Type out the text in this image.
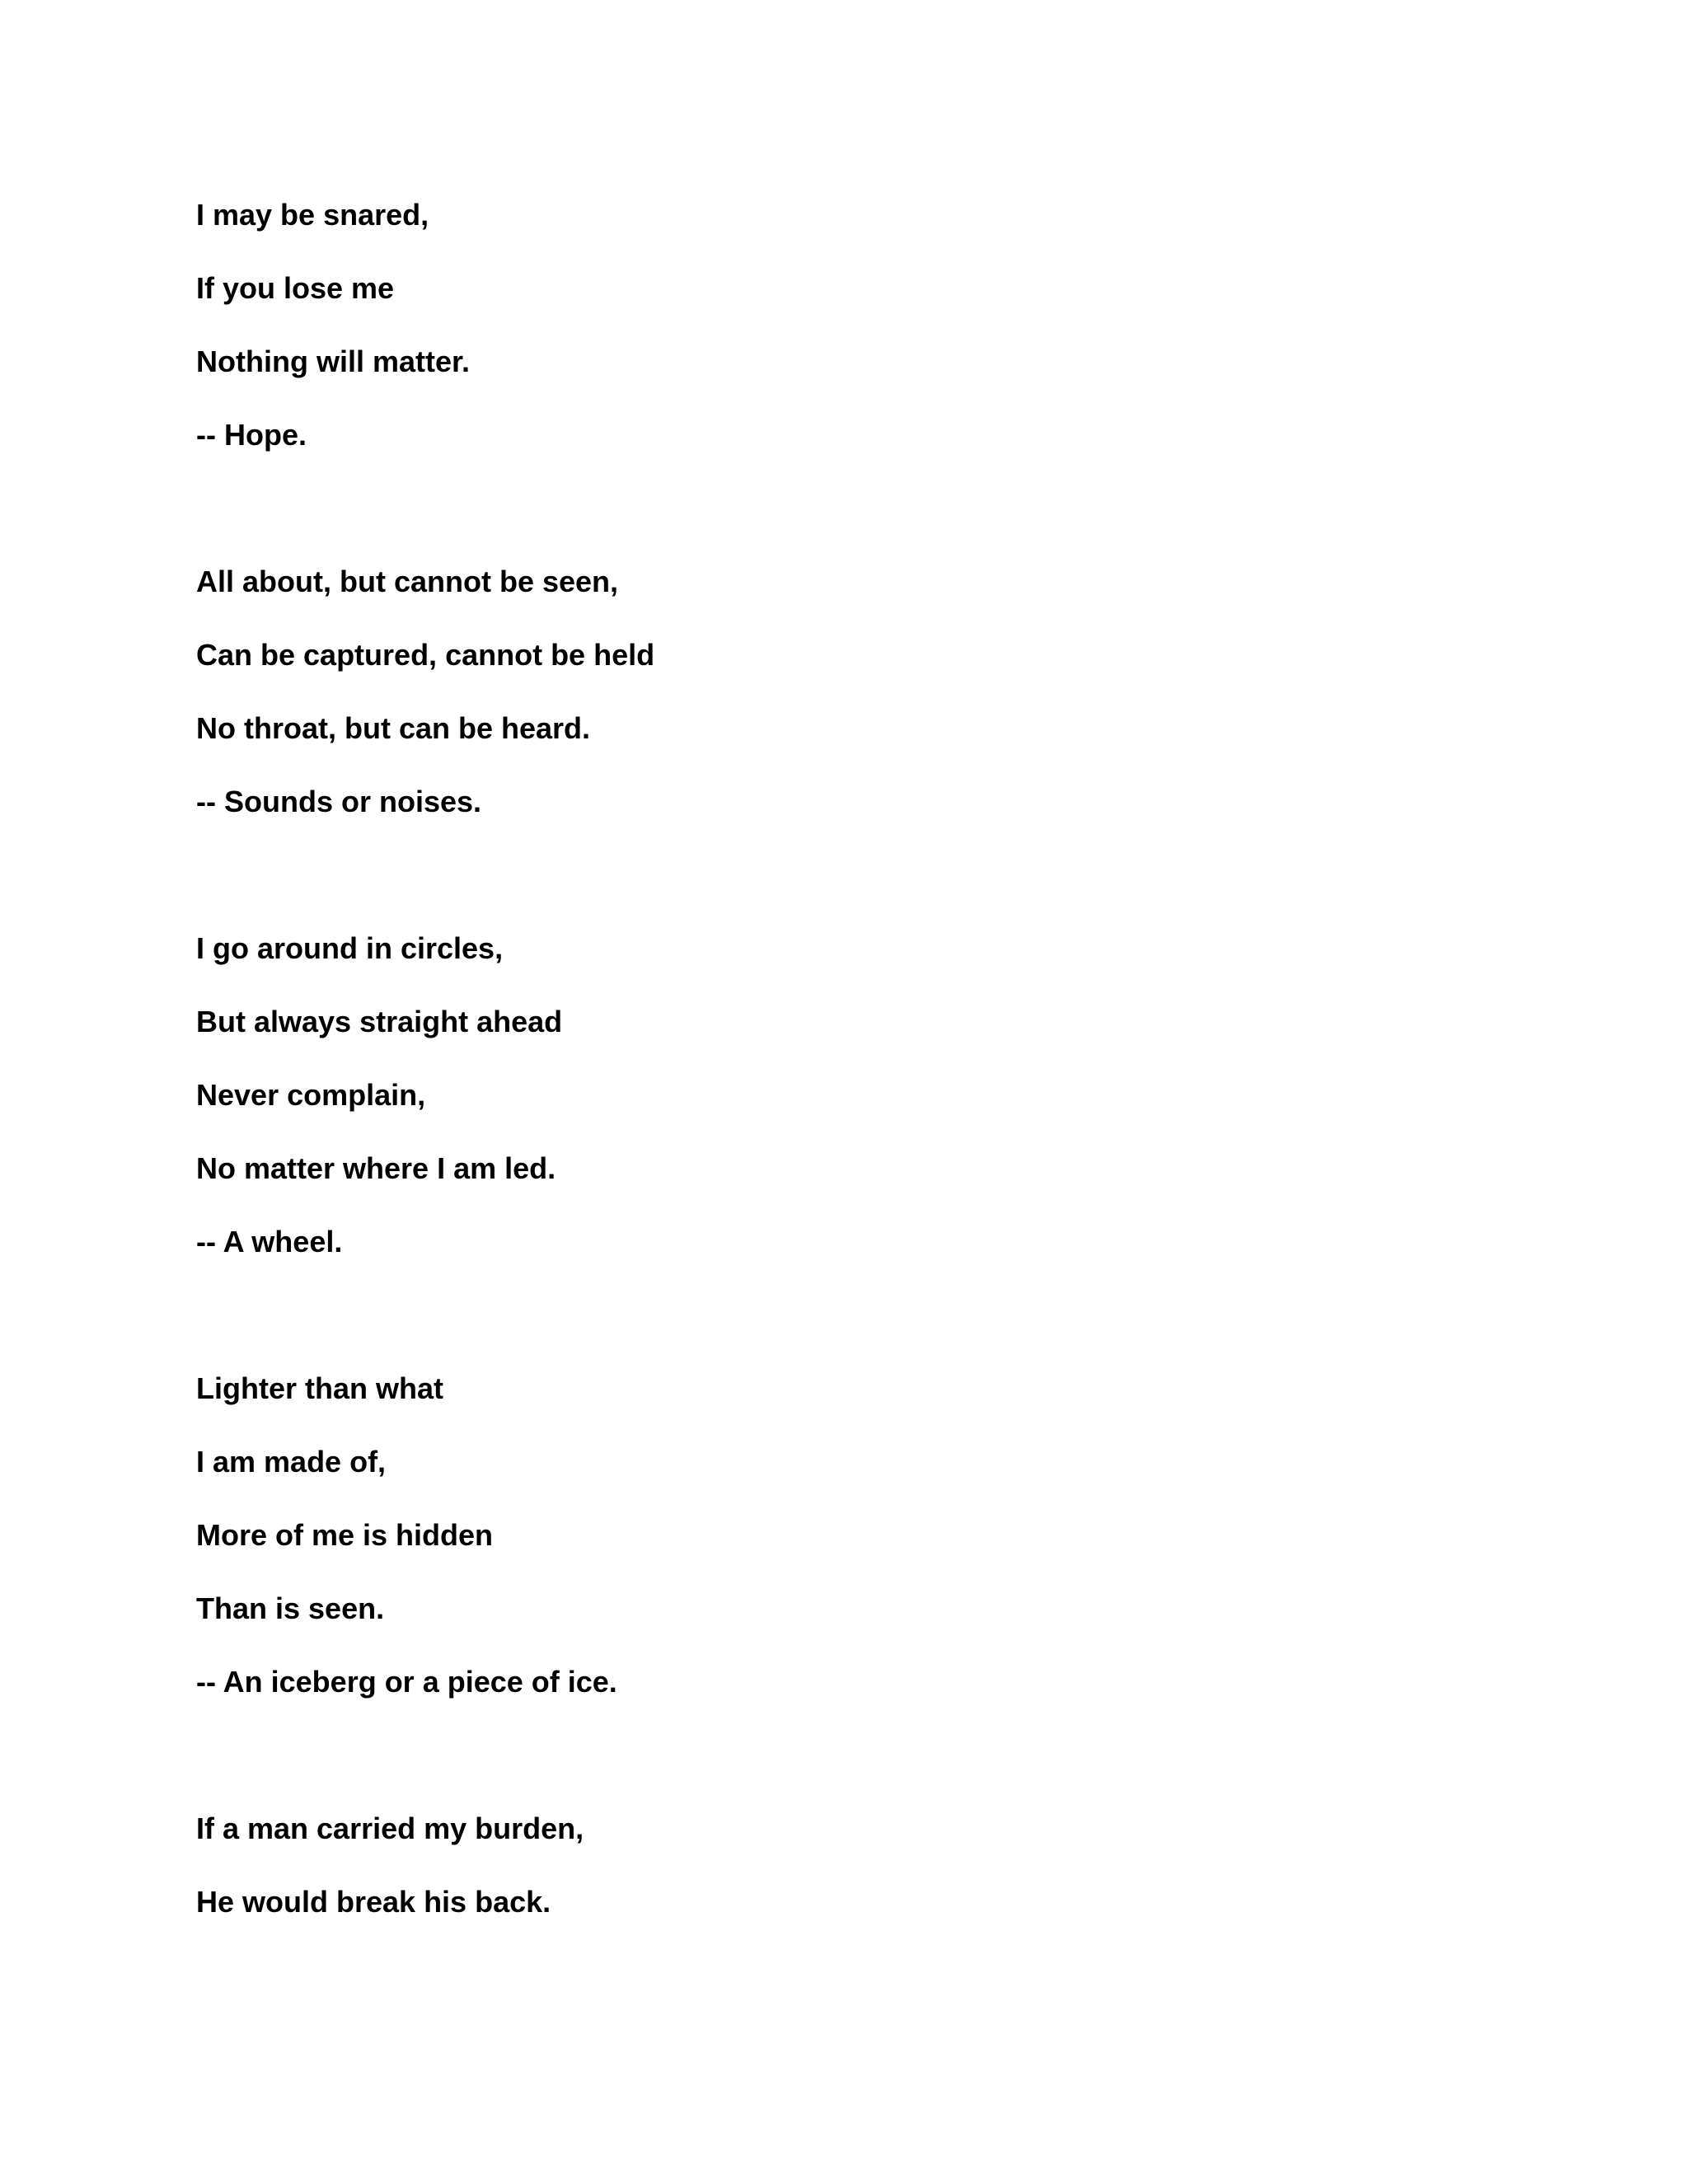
I may be snared,

If you lose me

Nothing will matter.

-- Hope.

All about, but cannot be seen,

Can be captured, cannot be held

No throat, but can be heard.

-- Sounds or noises.

I go around in circles,

But always straight ahead

Never complain,

No matter where I am led.

-- A wheel.

Lighter than what

I am made of,

More of me is hidden

Than is seen.

-- An iceberg or a piece of ice.

If a man carried my burden,

He would break his back.
